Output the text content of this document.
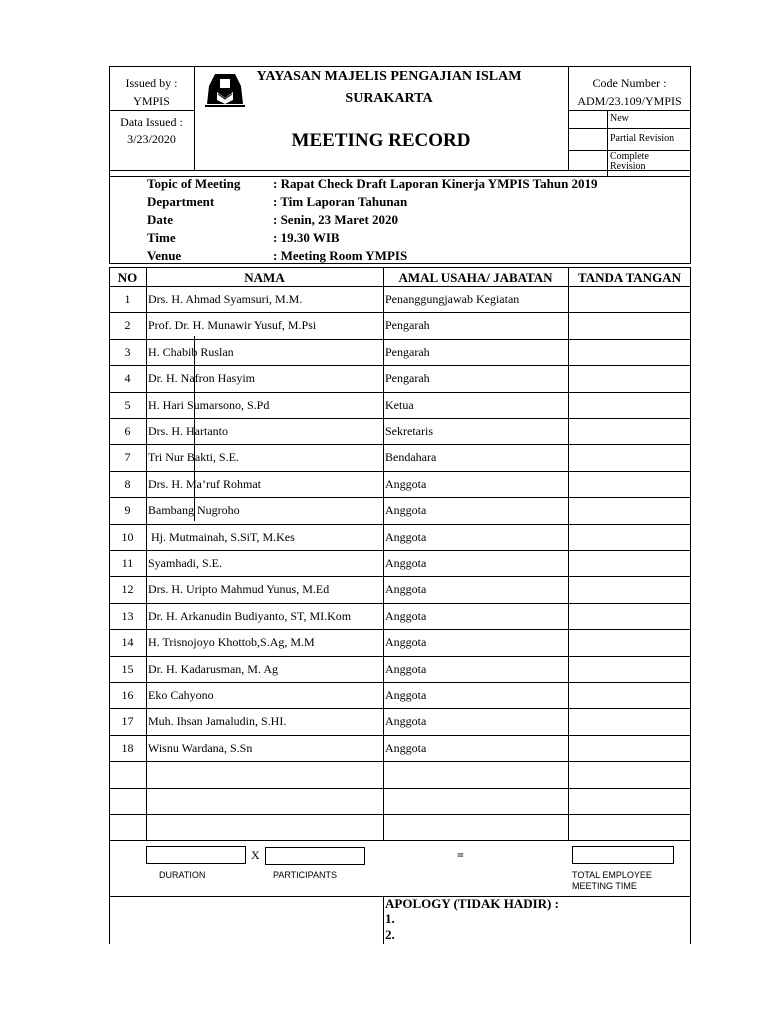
Issued by :
YMPIS
Data Issued :
3/23/2020
YAYASAN MAJELIS PENGAJIAN ISLAM
SURAKARTA
MEETING RECORD
Code Number :
ADM/23.109/YMPIS
New
Partial Revision
Complete Revision
Topic of Meeting	: Rapat Check Draft Laporan Kinerja YMPIS Tahun 2019
Department	: Tim Laporan Tahunan
Date	: Senin, 23 Maret 2020
Time	: 19.30 WIB
Venue	: Meeting Room YMPIS
NO	NAMA	AMAL USAHA/ JABATAN	TANDA TANGAN
1	Drs. H. Ahmad Syamsuri, M.M.	Penanggungjawab Kegiatan
2	Prof. Dr. H. Munawir Yusuf, M.Psi	Pengarah
3	H. Chabib Ruslan	Pengarah
4	Dr. H. Nafron Hasyim	Pengarah
5	H. Hari Sumarsono, S.Pd	Ketua
6	Drs. H. Hartanto	Sekretaris
7	Tri Nur Bakti, S.E.	Bendahara
8	Drs. H. Ma’ruf Rohmat	Anggota
9	Bambang Nugroho	Anggota
10	Hj. Mutmainah, S.SiT, M.Kes	Anggota
11	Syamhadi, S.E.	Anggota
12	Drs. H. Uripto Mahmud Yunus, M.Ed	Anggota
13	Dr. H. Arkanudin Budiyanto, ST, MI.Kom	Anggota
14	H. Trisnojoyo Khottob,S.Ag, M.M	Anggota
15	Dr. H. Kadarusman, M. Ag	Anggota
16	Eko Cahyono	Anggota
17	Muh. Ihsan Jamaludin, S.HI.	Anggota
18	Wisnu Wardana, S.Sn	Anggota
X	=
DURATION	PARTICIPANTS	TOTAL EMPLOYEE MEETING TIME
APOLOGY (TIDAK HADIR) :
1.
2.
